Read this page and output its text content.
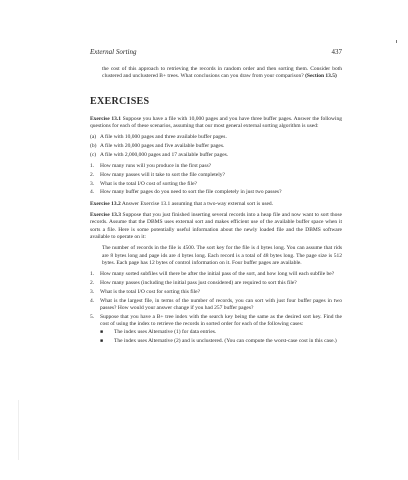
External Sorting	437

the cost of this approach to retrieving the records in random order and then sorting them. Consider both clustered and unclustered B+ trees. What conclusions can you draw from your comparison? (Section 13.5)

EXERCISES

Exercise 13.1 Suppose you have a file with 10,000 pages and you have three buffer pages. Answer the following questions for each of these scenarios, assuming that our most general external sorting algorithm is used:

(a) A file with 10,000 pages and three available buffer pages.
(b) A file with 20,000 pages and five available buffer pages.
(c) A file with 2,000,000 pages and 17 available buffer pages.
1.	How many runs will you produce in the first pass?
2.	How many passes will it take to sort the file completely?
3.	What is the total I/O cost of sorting the file?
4.	How many buffer pages do you need to sort the file completely in just two passes?

Exercise 13.2 Answer Exercise 13.1 assuming that a two-way external sort is used.

Exercise 13.3 Suppose that you just finished inserting several records into a heap file and now want to sort those records. Assume that the DBMS uses external sort and makes efficient use of the available buffer space when it sorts a file. Here is some potentially useful information about the newly loaded file and the DBMS software available to operate on it:

The number of records in the file is 4500. The sort key for the file is 4 bytes long. You can assume that rids are 8 bytes long and page ids are 4 bytes long. Each record is a total of 48 bytes long. The page size is 512 bytes. Each page has 12 bytes of control information on it. Four buffer pages are available.

1.	How many sorted subfiles will there be after the initial pass of the sort, and how long will each subfile be?
2.	How many passes (including the initial pass just considered) are required to sort this file?
3.	What is the total I/O cost for sorting this file?
4.	What is the largest file, in terms of the number of records, you can sort with just four buffer pages in two passes? How would your answer change if you had 257 buffer pages?
5.	Suppose that you have a B+ tree index with the search key being the same as the desired sort key. Find the cost of using the index to retrieve the records in sorted order for each of the following cases:
■	The index uses Alternative (1) for data entries.
■	The index uses Alternative (2) and is unclustered. (You can compute the worst-case cost in this case.)
